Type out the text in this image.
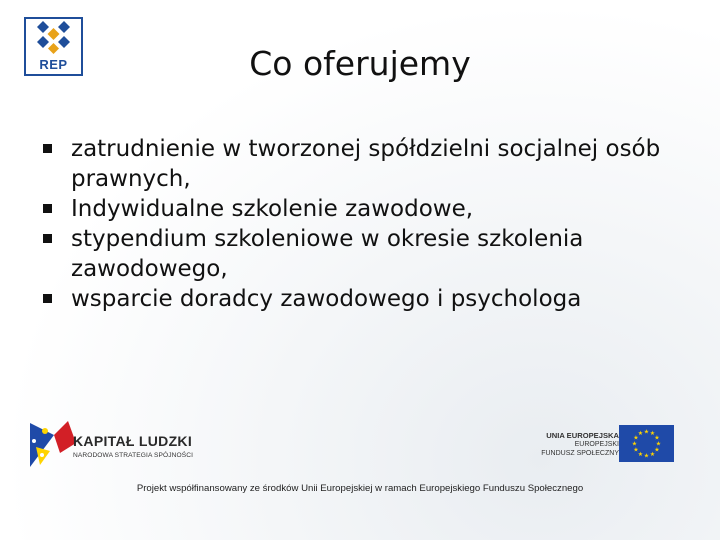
REP	Co oferujemy
zatrudnienie w tworzonej spółdzielni socjalnej osób prawnych,
Indywidualne szkolenie zawodowe,
stypendium szkoleniowe w okresie szkolenia zawodowego,
wsparcie doradcy zawodowego i psychologa
KAPITAŁ LUDZKI
NARODOWA STRATEGIA SPÓJNOŚCI
UNIA EUROPEJSKA
EUROPEJSKI
FUNDUSZ SPOŁECZNY
★ ★
★
★
★
★
★
★
★
★
★
★
Projekt współfinansowany ze środków Unii Europejskiej w ramach Europejskiego Funduszu Społecznego
